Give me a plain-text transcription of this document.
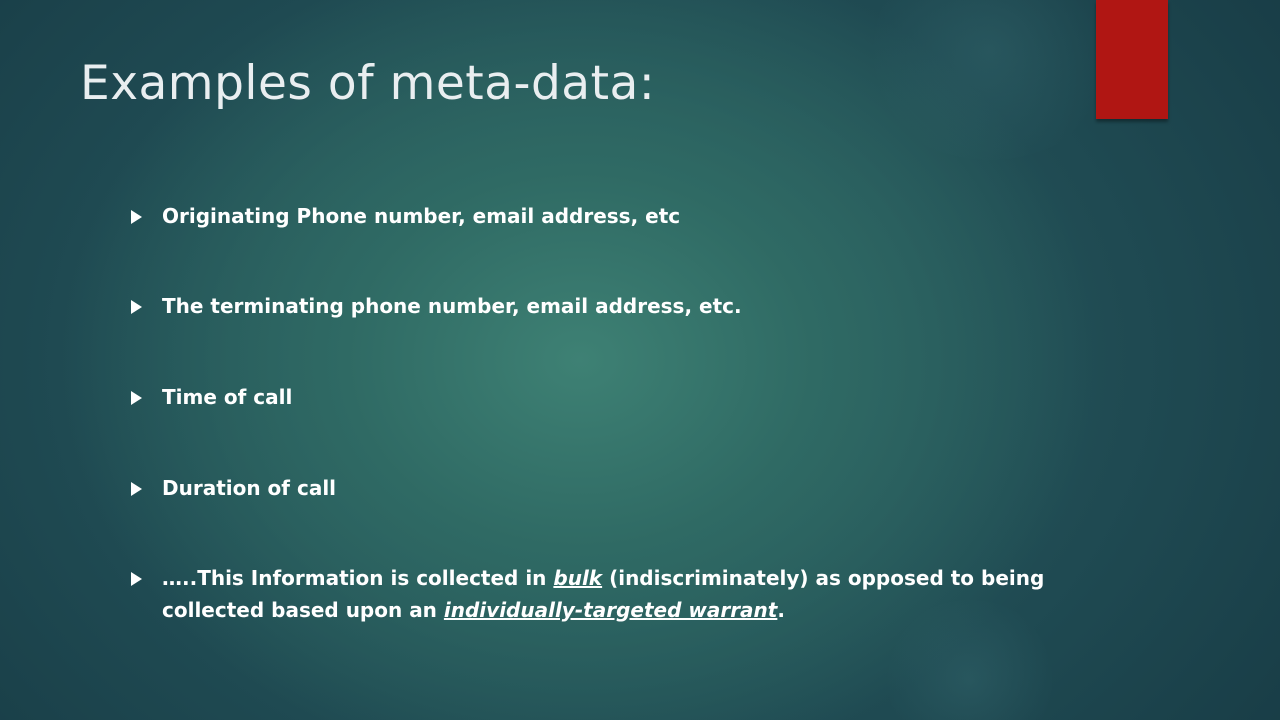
Examples of meta-data:
Originating Phone number, email address, etc
The terminating phone number, email address, etc.
Time of call
Duration of call
…..This Information is collected in bulk (indiscriminately) as opposed to being collected based upon an individually-targeted warrant.
